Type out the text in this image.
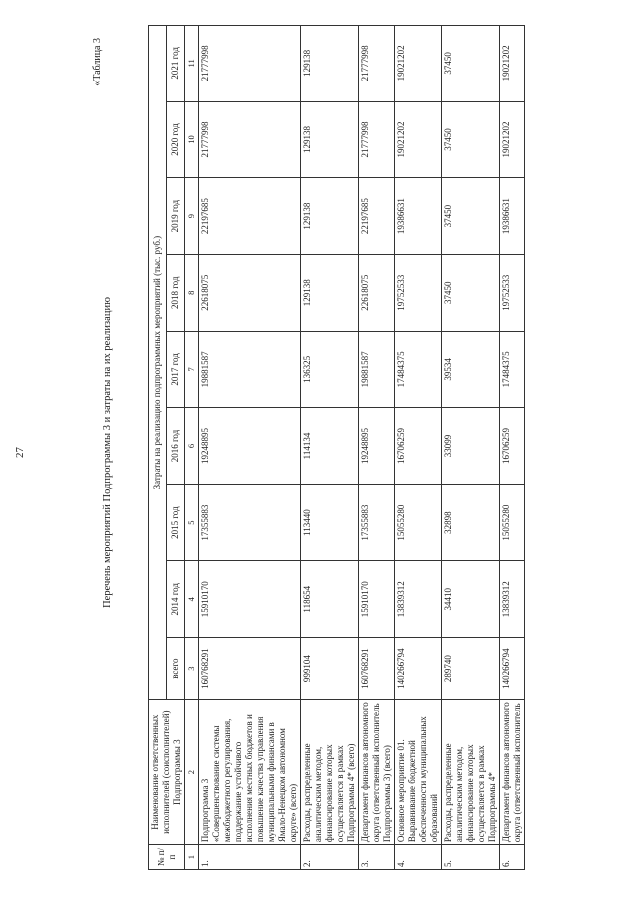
27
«Таблица 3
Перечень мероприятий Подпрограммы 3 и затраты на их реализацию
№ п/п	Наименование ответственных исполнителей (соисполнителей) Подпрограммы 3	Затраты на реализацию подпрограммных мероприятий (тыс. руб.)								
		всего	2014 год	2015 год	2016 год	2017 год	2018 год	2019 год	2020 год	2021 год
1	2	3	4	5	6	7	8	9	10	11
1.	Подпрограмма 3 «Совершенствование системы межбюджетного регулирования, поддержание устойчивого исполнения местных бюджетов и повышение качества управления муниципальными финансами в Ямало-Ненецком автономном округе» (всего)	160768291	15910170	17355883	19248895	19881587	22618075	22197685	21777998	21777998
2.	Расходы, распределенные аналитическим методом, финансирование которых осуществляется в рамках Подпрограммы 4* (всего)	999104	118654	113440	114134	136325	129138	129138	129138	129138
3.	Департамент финансов автономного округа (ответственный исполнитель Подпрограммы 3) (всего)	160768291	15910170	17355883	19248895	19881587	22618075	22197685	21777998	21777998
4.	Основное мероприятие 01. Выравнивание бюджетной обеспеченности муниципальных образований	140266794	13839312	15055280	16706259	17484375	19752533	19386631	19021202	19021202
5.	Расходы, распределенные аналитическим методом, финансирование которых осуществляется в рамках Подпрограммы 4*	289740	34410	32898	33099	39534	37450	37450	37450	37450
6.	Департамент финансов автономного округа (ответственный исполнитель	140266794	13839312	15055280	16706259	17484375	19752533	19386631	19021202	19021202
